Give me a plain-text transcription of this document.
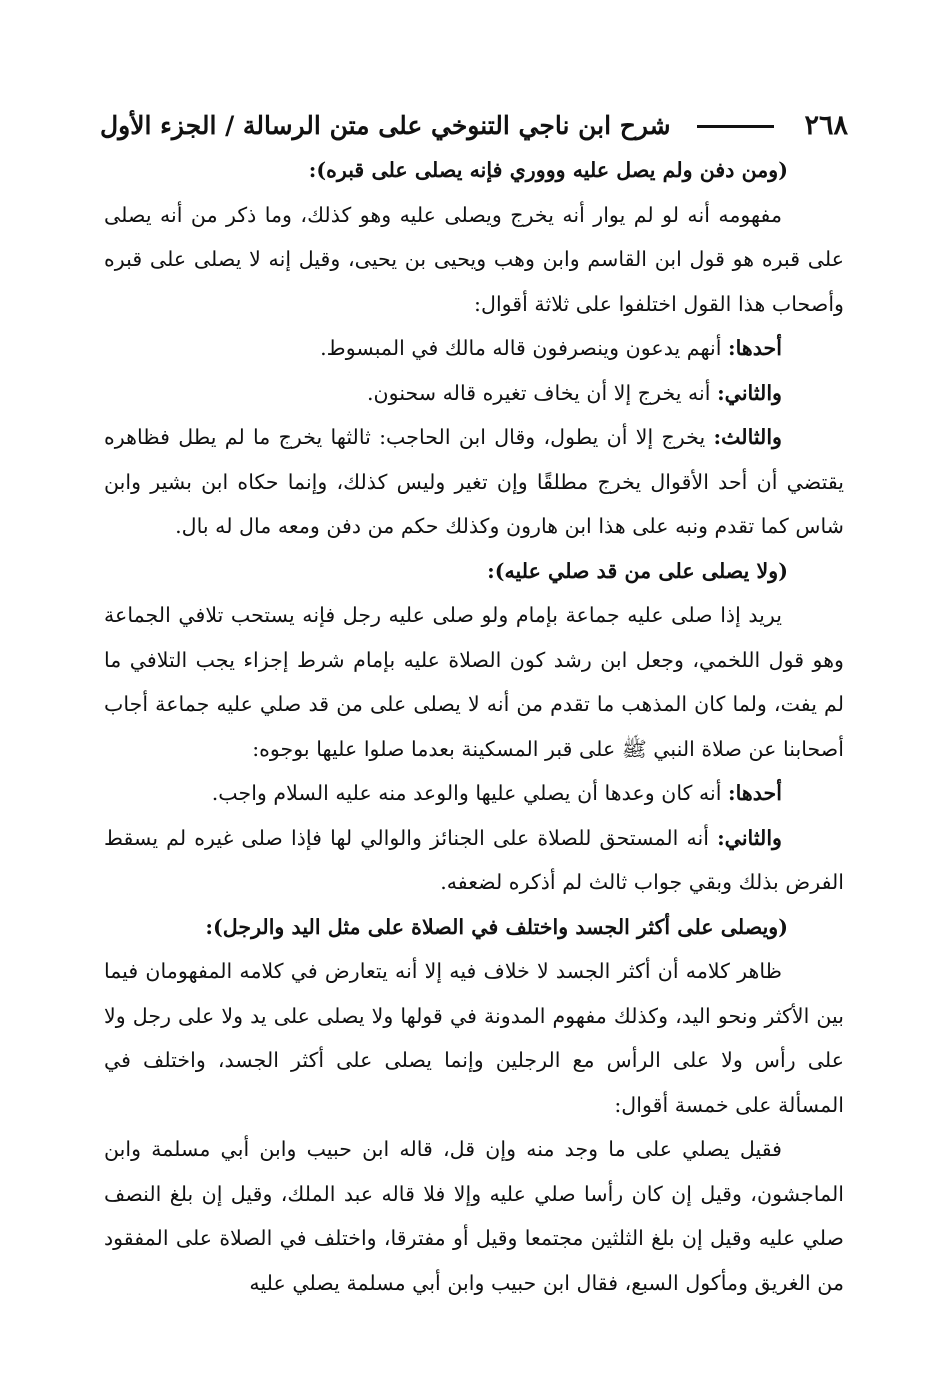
٢٦٨
شرح ابن ناجي التنوخي على متن الرسالة / الجزء الأول

(ومن دفن ولم يصل عليه وووري فإنه يصلى على قبره):

مفهومه أنه لو لم يوار أنه يخرج ويصلى عليه وهو كذلك، وما ذكر من أنه يصلى على قبره هو قول ابن القاسم وابن وهب ويحيى بن يحيى، وقيل إنه لا يصلى على قبره وأصحاب هذا القول اختلفوا على ثلاثة أقوال:

أحدها: أنهم يدعون وينصرفون قاله مالك في المبسوط.

والثاني: أنه يخرج إلا أن يخاف تغيره قاله سحنون.

والثالث: يخرج إلا أن يطول، وقال ابن الحاجب: ثالثها يخرج ما لم يطل فظاهره يقتضي أن أحد الأقوال يخرج مطلقًا وإن تغير وليس كذلك، وإنما حكاه ابن بشير وابن شاس كما تقدم ونبه على هذا ابن هارون وكذلك حكم من دفن ومعه مال له بال.

(ولا يصلى على من قد صلي عليه):

يريد إذا صلى عليه جماعة بإمام ولو صلى عليه رجل فإنه يستحب تلافي الجماعة وهو قول اللخمي، وجعل ابن رشد كون الصلاة عليه بإمام شرط إجزاء يجب التلافي ما لم يفت، ولما كان المذهب ما تقدم من أنه لا يصلى على من قد صلي عليه جماعة أجاب أصحابنا عن صلاة النبي ﷺ على قبر المسكينة بعدما صلوا عليها بوجوه:

أحدها: أنه كان وعدها أن يصلي عليها والوعد منه عليه السلام واجب.

والثاني: أنه المستحق للصلاة على الجنائز والوالي لها فإذا صلى غيره لم يسقط الفرض بذلك وبقي جواب ثالث لم أذكره لضعفه.

(ويصلى على أكثر الجسد واختلف في الصلاة على مثل اليد والرجل):

ظاهر كلامه أن أكثر الجسد لا خلاف فيه إلا أنه يتعارض في كلامه المفهومان فيما بين الأكثر ونحو اليد، وكذلك مفهوم المدونة في قولها ولا يصلى على يد ولا على رجل ولا على رأس ولا على الرأس مع الرجلين وإنما يصلى على أكثر الجسد، واختلف في المسألة على خمسة أقوال:

فقيل يصلي على ما وجد منه وإن قل، قاله ابن حبيب وابن أبي مسلمة وابن الماجشون، وقيل إن كان رأسا صلي عليه وإلا فلا قاله عبد الملك، وقيل إن بلغ النصف صلي عليه وقيل إن بلغ الثلثين مجتمعا وقيل أو مفترقا، واختلف في الصلاة على المفقود من الغريق ومأكول السبع، فقال ابن حبيب وابن أبي مسلمة يصلي عليه
